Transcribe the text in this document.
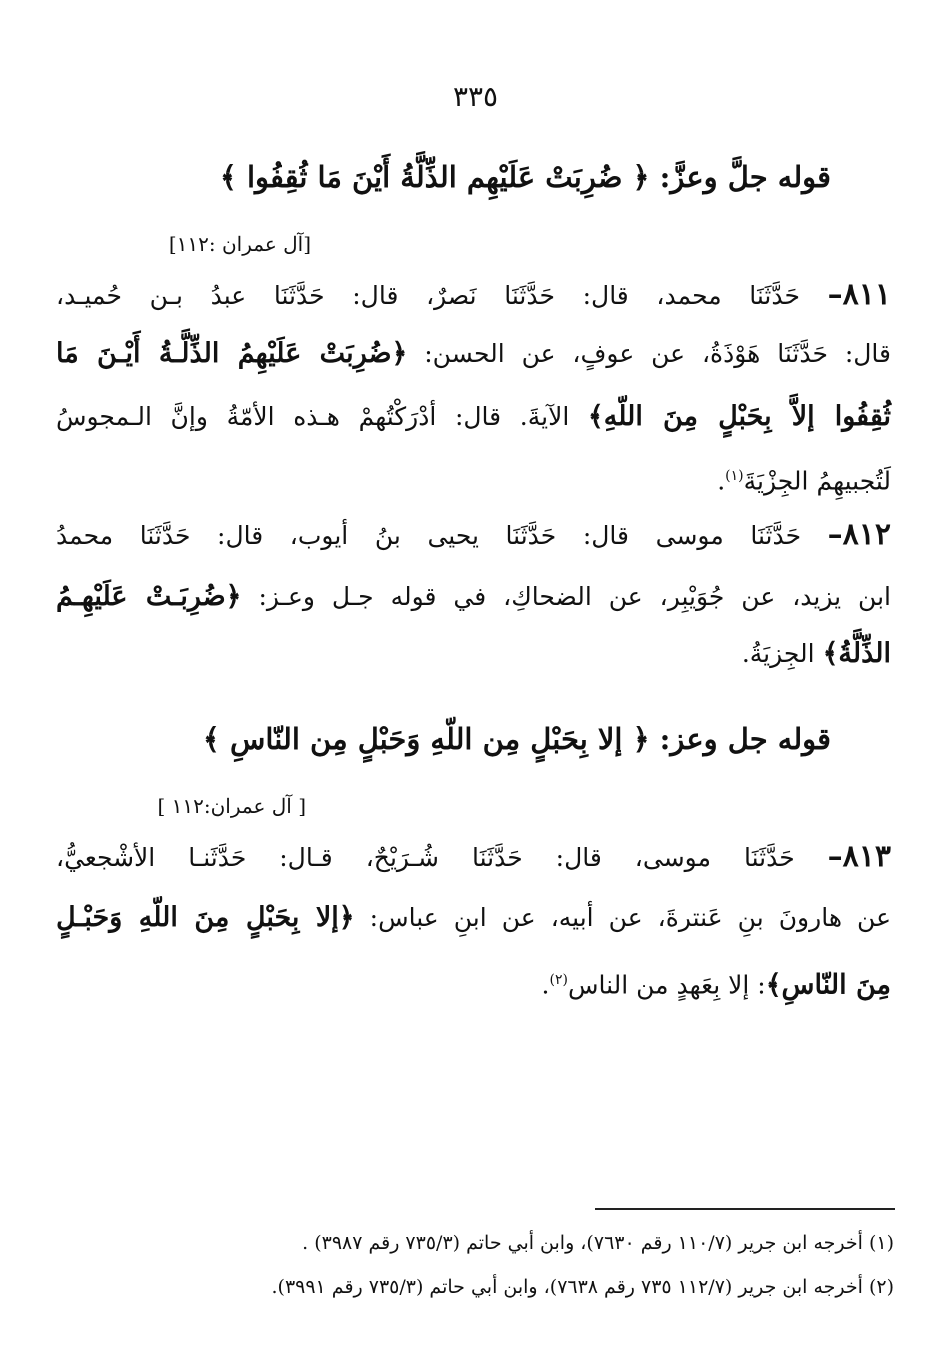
٣٣٥
قوله جلَّ وعزَّ: ﴿ ضُرِبَتْ عَلَيْهِم الذِّلَّةُ أَيْنَ مَا ثُقِفُوا ﴾
[آل عمران :١١٢]
٨١١– حَدَّثَنَا محمد، قال: حَدَّثَنَا نَصرٌ، قال: حَدَّثَنَا عبدُ بـن حُميـد،
قال: حَدَّثَنَا هَوْذَةُ، عن عوفٍ، عن الحسن: ﴿ضُرِبَتْ عَلَيْهِمُ الذِّلَّـةُ أَيْـنَ مَا
ثُقِفُوا إلاَّ بِحَبْلٍ مِنَ اللّهِ﴾ الآيةَ. قال: أدْرَكْتُهمْ هـذه الأمّةُ وإنَّ الـمجوسُ
لَتُجبيهِمُ الجِزْيَةَ$^{(١)}$.
٨١٢– حَدَّثَنَا موسى قال: حَدَّثَنَا يحيى بنُ أيوب، قال: حَدَّثَنَا محمدُ
ابن يزيد، عن جُوَيْبِر، عن الضحاكِ، في قوله جـل وعـز: ﴿ضُرِبَـتْ عَلَيْهِـمُ
الذِّلَّةُ﴾ الجِزيَةُ.
قوله جل وعز: ﴿ إلا بِحَبْلٍ مِن اللّهِ وَحَبْلٍ مِن النّاسِ ﴾
[ آل عمران:١١٢ ]
٨١٣– حَدَّثَنَا موسى، قال: حَدَّثَنَا شُـرَيْحٌ، قـال: حَدَّثَنـا الأشْجعيُّ،
عن هارونَ بنِ عَنترةَ، عن أبيه، عن ابنِ عباس: ﴿إلا بِحَبْلٍ مِنَ اللّهِ وَحَبْـلٍ
مِنَ النّاسِ﴾: إلا بِعَهدٍ من الناس$^{(٢)}$.
(١) أخرجه ابن جرير (١١٠/٧ رقم ٧٦٣٠)، وابن أبي حاتم (٧٣٥/٣ رقم ٣٩٨٧) .
(٢) أخرجه ابن جرير (١١٢/٧ ٧٣٥ رقم ٧٦٣٨)، وابن أبي حاتم (٧٣٥/٣ رقم ٣٩٩١).
